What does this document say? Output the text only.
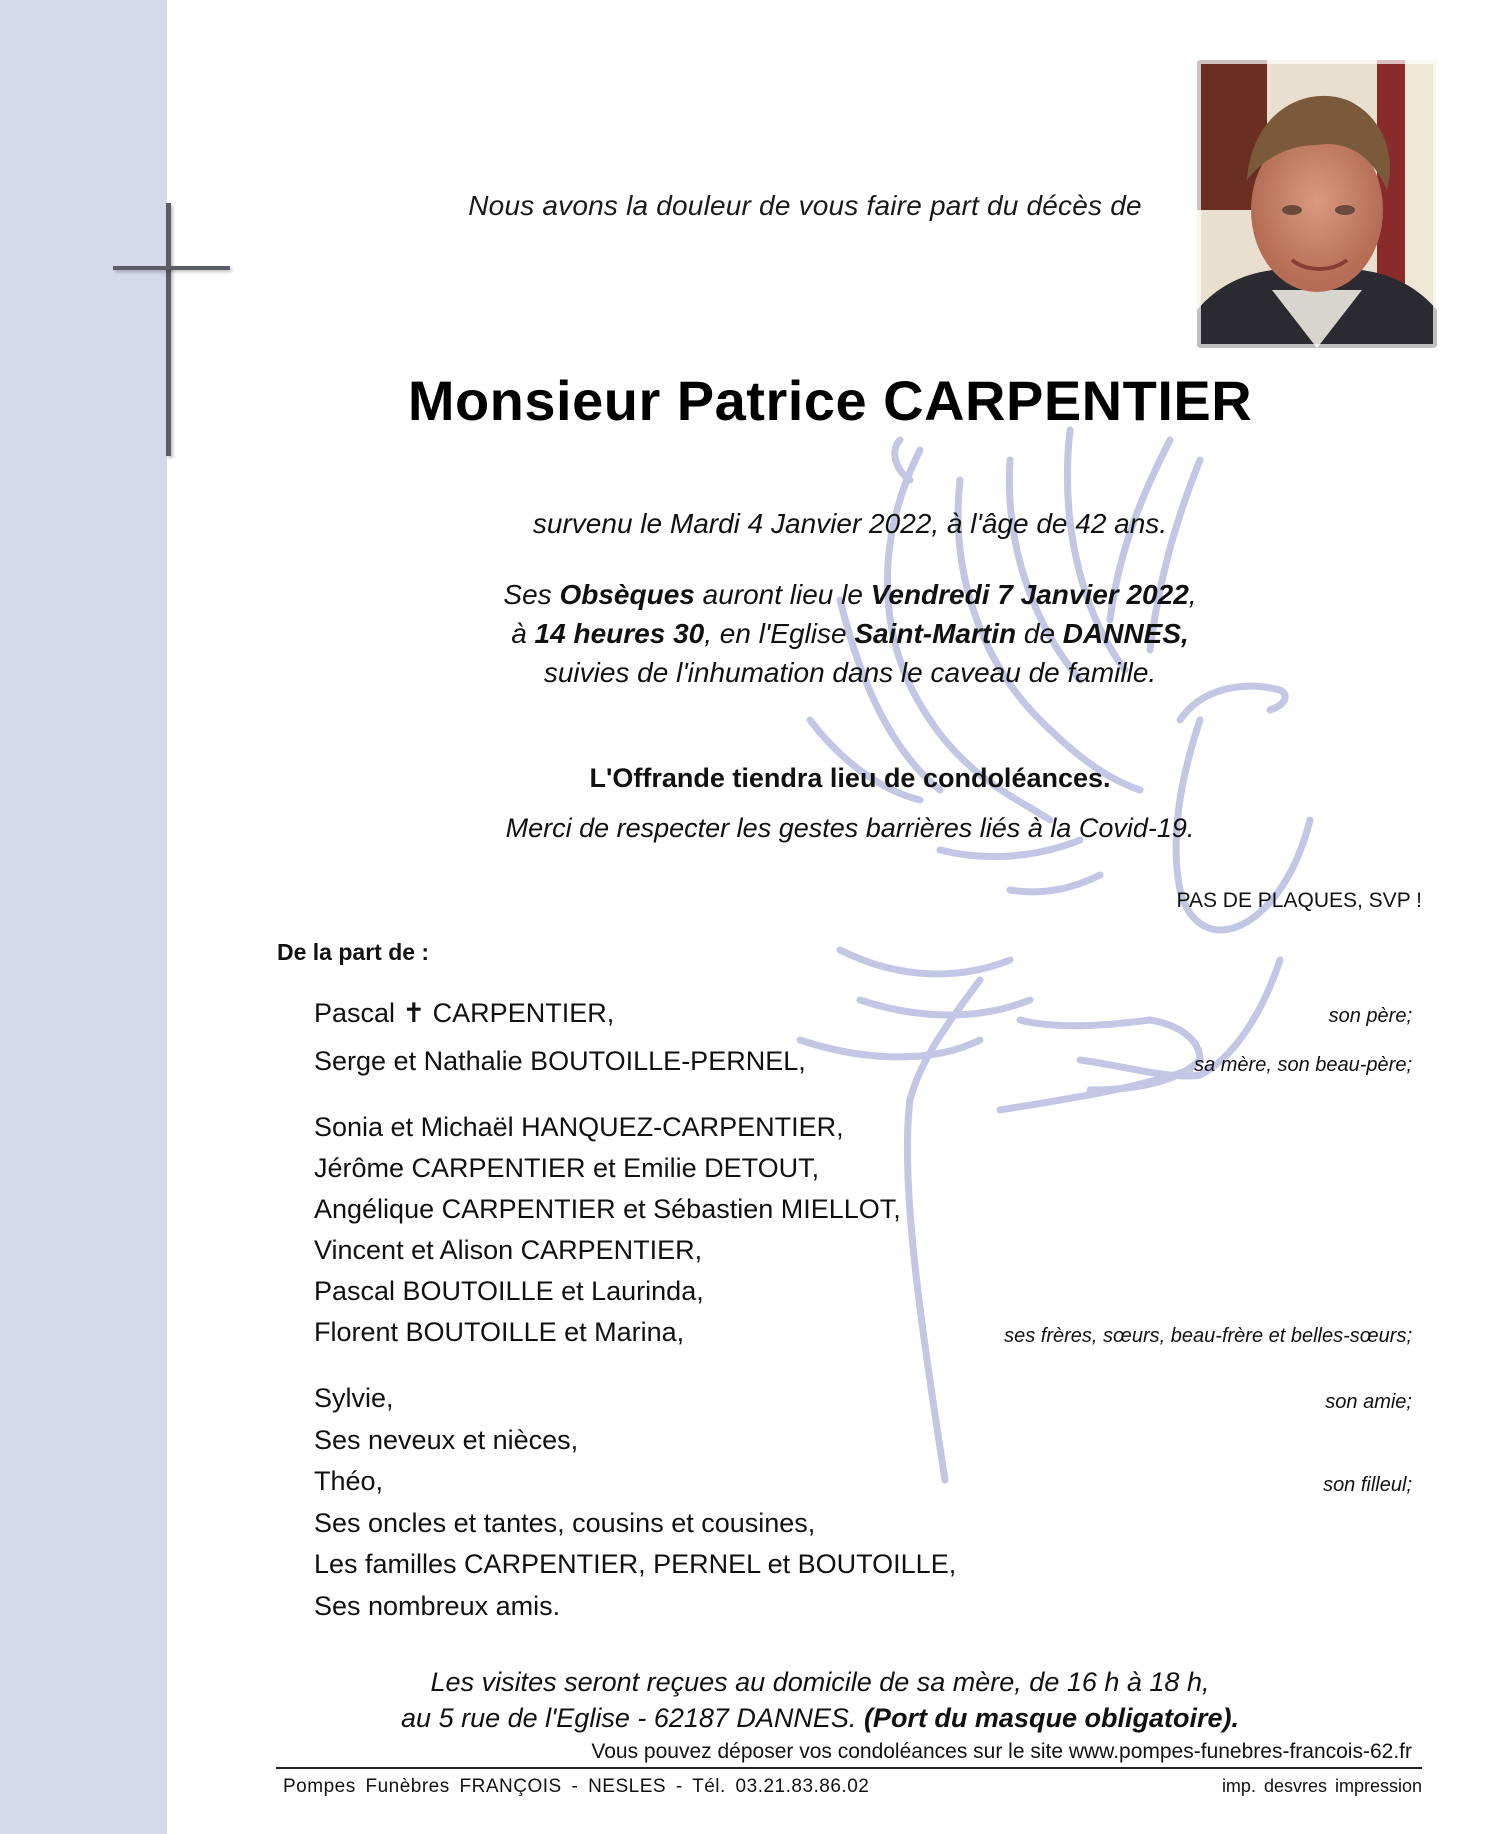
Nous avons la douleur de vous faire part du décès de
Monsieur Patrice CARPENTIER
survenu le Mardi 4 Janvier 2022, à l'âge de 42 ans.
Ses Obsèques auront lieu le Vendredi 7 Janvier 2022,
à 14 heures 30, en l'Eglise Saint-Martin de DANNES,
suivies de l'inhumation dans le caveau de famille.
L'Offrande tiendra lieu de condoléances.
Merci de respecter les gestes barrières liés à la Covid-19.
PAS DE PLAQUES, SVP !
De la part de :
Pascal ✝ CARPENTIER,	son père;
Serge et Nathalie BOUTOILLE-PERNEL,	sa mère, son beau-père;
Sonia et Michaël HANQUEZ-CARPENTIER,
Jérôme CARPENTIER et Emilie DETOUT,
Angélique CARPENTIER et Sébastien MIELLOT,
Vincent et Alison CARPENTIER,
Pascal BOUTOILLE et Laurinda,
Florent BOUTOILLE et Marina,	ses frères, sœurs, beau-frère et belles-sœurs;
Sylvie,	son amie;
Ses neveux et nièces,
Théo,	son filleul;
Ses oncles et tantes, cousins et cousines,
Les familles CARPENTIER, PERNEL et BOUTOILLE,
Ses nombreux amis.
Les visites seront reçues au domicile de sa mère, de 16 h à 18 h,
au 5 rue de l'Eglise - 62187 DANNES. (Port du masque obligatoire).
Vous pouvez déposer vos condoléances sur le site www.pompes-funebres-francois-62.fr
Pompes Funèbres FRANÇOIS - NESLES - Tél. 03.21.83.86.02	imp. desvres impression
